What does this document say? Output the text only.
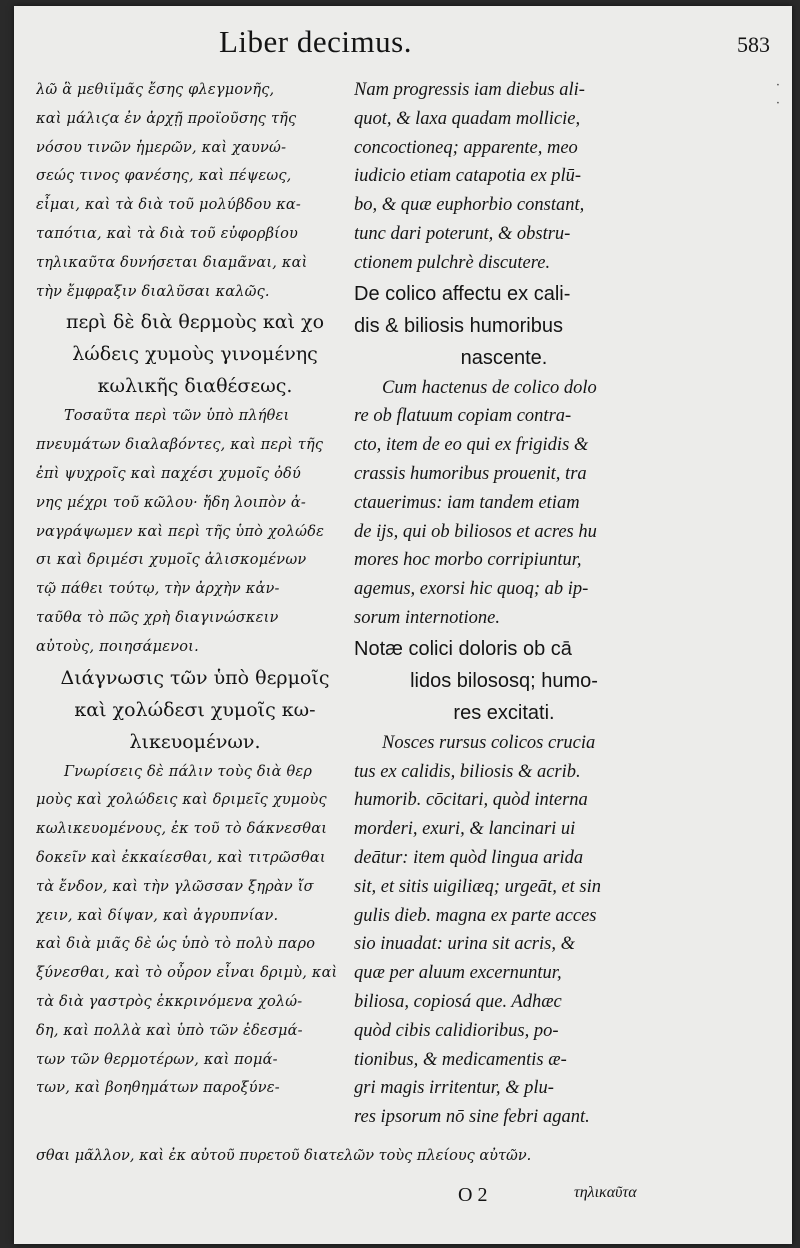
Liber decimus.	583
λῶ ἃ μεθιϊμᾶς ἔσης φλεγμονῆς,
καὶ μάλιϛα ἐν ἀρχῇ προϊοῦσης τῆς
νόσου τινῶν ἡμερῶν, καὶ χαυνώ-
σεώς τινος φανέσης, καὶ πέψεως,
εἶμαι, καὶ τὰ διὰ τοῦ μολύβδου κα-
ταπότια, καὶ τὰ διὰ τοῦ εὐφορβίου
τηλικαῦτα δυνήσεται διαμᾶναι, καὶ
τὴν ἔμφραξιν διαλῦσαι καλῶς.
περὶ δὲ διὰ θερμοὺς καὶ χο
λώδεις χυμοὺς γινομένης
κωλικῆς διαθέσεως.
Τοσαῦτα περὶ τῶν ὑπὸ πλήθει
πνευμάτων διαλαβόντες, καὶ περὶ τῆς
ἐπὶ ψυχροῖς καὶ παχέσι χυμοῖς ὀδύ
νης μέχρι τοῦ κῶλου· ἤδη λοιπὸν ἀ-
ναγράψωμεν καὶ περὶ τῆς ὑπὸ χολώδε
σι καὶ δριμέσι χυμοῖς ἀλισκομένων
τῷ πάθει τούτῳ, τὴν ἀρχὴν κἀν-
ταῦθα τὸ πῶς χρὴ διαγινώσκειν
αὐτοὺς, ποιησάμενοι.
Διάγνωσις τῶν ὑπὸ θερμοῖς
καὶ χολώδεσι χυμοῖς κω-
λικευομένων.
Γνωρίσεις δὲ πάλιν τοὺς διὰ θερ
μοὺς καὶ χολώδεις καὶ δριμεῖς χυμοὺς
κωλικευομένους, ἐκ τοῦ τὸ δάκνεσθαι
δοκεῖν καὶ ἐκκαίεσθαι, καὶ τιτρῶσθαι
τὰ ἔνδον, καὶ τὴν γλῶσσαν ξηρὰν ἴσ
χειν, καὶ δίψαν, καὶ ἀγρυπνίαν.
καὶ διὰ μιᾶς δὲ ὡς ὑπὸ τὸ πολὺ παρο
ξύνεσθαι, καὶ τὸ οὖρον εἶναι δριμὺ, καὶ
τὰ διὰ γαστρὸς ἐκκρινόμενα χολώ-
δη, καὶ πολλὰ καὶ ὑπὸ τῶν ἐδεσμά-
των τῶν θερμοτέρων, καὶ πομά-
των, καὶ βοηθημάτων παροξύνε-
Nam progressis iam diebus ali-
quot, & laxa quadam mollicie,
concoctioneq; apparente, meo
iudicio etiam catapotia ex plū-
bo, & quæ euphorbio constant,
tunc dari poterunt, & obstru-
ctionem pulchrè discutere.
De colico affectu ex cali-
dis & biliosis humoribus
nascente.
Cum hactenus de colico dolo
re ob flatuum copiam contra-
cto, item de eo qui ex frigidis &
crassis humoribus prouenit, tra
ctauerimus: iam tandem etiam
de ijs, qui ob biliosos et acres hu
mores hoc morbo corripiuntur,
agemus, exorsi hic quoq; ab ip-
sorum internotione.
Notæ colici doloris ob cā
lidos bilososq; humo-
res excitati.
Nosces rursus colicos crucia
tus ex calidis, biliosis & acrib.
humorib. cōcitari, quòd interna
morderi, exuri, & lancinari ui
deātur: item quòd lingua arida
sit, et sitis uigiliæq; urgeāt, et sin
gulis dieb. magna ex parte acces
sio inuadat: urina sit acris, &
quæ per aluum excernuntur,
biliosa, copiosá que. Adhæc
quòd cibis calidioribus, po-
tionibus, & medicamentis æ-
gri magis irritentur, & plu-
res ipsorum nō sine febri agant.
σθαι μᾶλλον, καὶ ἐκ αὐτοῦ πυρετοῦ διατελῶν τοὺς πλείους αὐτῶν.
O 2	τηλικαῦτα
·
·
